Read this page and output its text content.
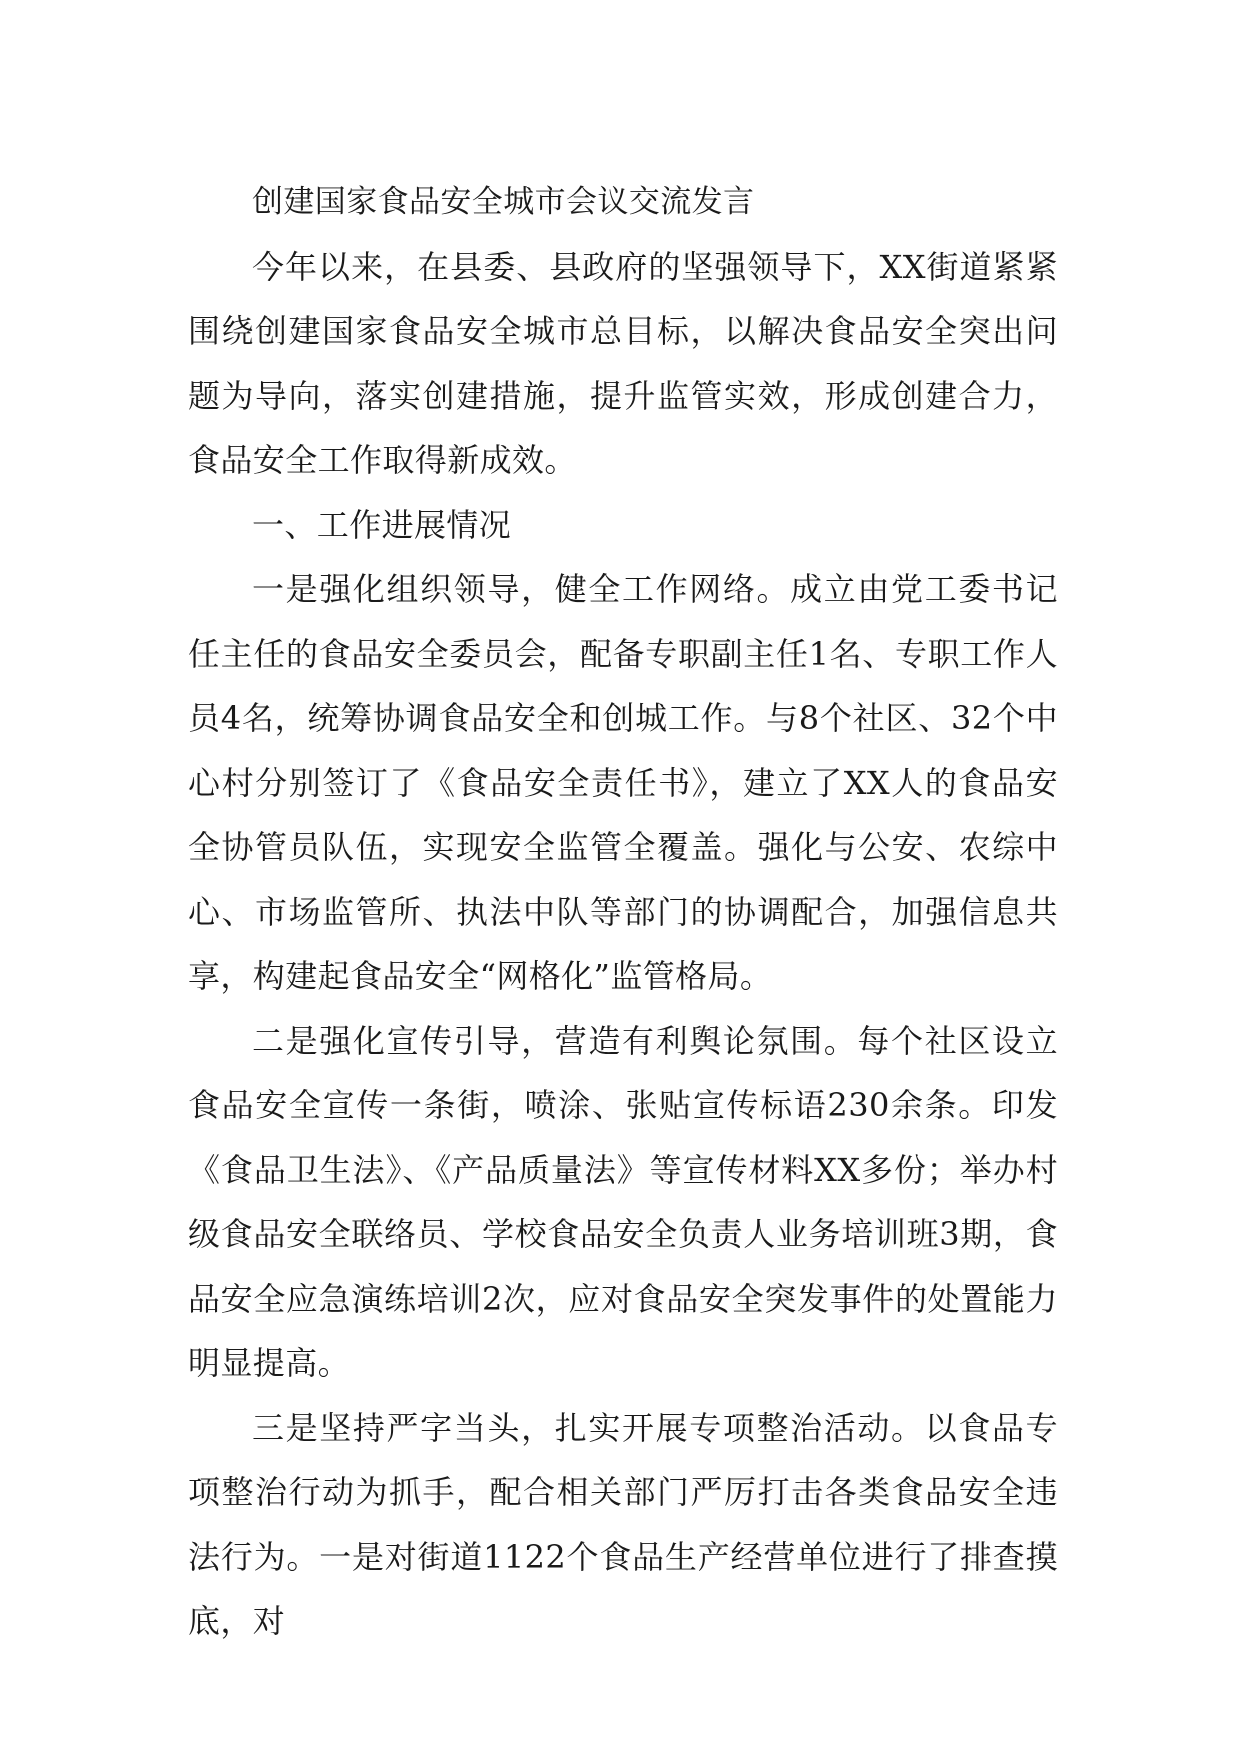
创建国家食品安全城市会议交流发言

今年以来，在县委、县政府的坚强领导下，XX街道紧紧围绕创建国家食品安全城市总目标，以解决食品安全突出问题为导向，落实创建措施，提升监管实效，形成创建合力，食品安全工作取得新成效。

一、工作进展情况

一是强化组织领导，健全工作网络。成立由党工委书记任主任的食品安全委员会，配备专职副主任1名、专职工作人员4名，统筹协调食品安全和创城工作。与8个社区、32个中心村分别签订了《食品安全责任书》，建立了XX人的食品安全协管员队伍，实现安全监管全覆盖。强化与公安、农综中心、市场监管所、执法中队等部门的协调配合，加强信息共享，构建起食品安全“网格化”监管格局。

二是强化宣传引导，营造有利舆论氛围。每个社区设立食品安全宣传一条街，喷涂、张贴宣传标语230余条。印发《食品卫生法》、《产品质量法》等宣传材料XX多份；举办村级食品安全联络员、学校食品安全负责人业务培训班3期，食品安全应急演练培训2次，应对食品安全突发事件的处置能力明显提高。

三是坚持严字当头，扎实开展专项整治活动。以食品专项整治行动为抓手，配合相关部门严厉打击各类食品安全违法行为。一是对街道1122个食品生产经营单位进行了排查摸底，对
